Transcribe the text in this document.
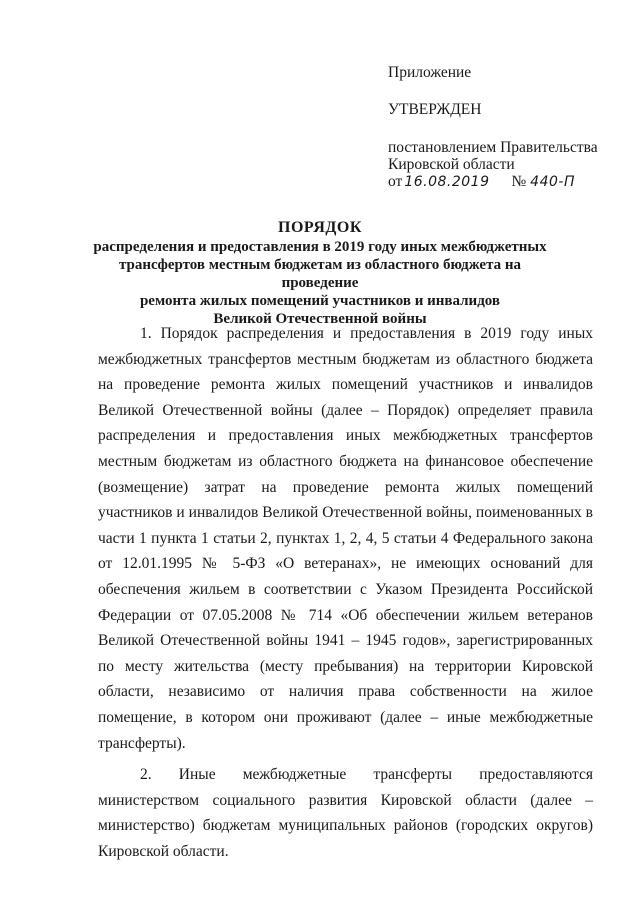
Приложение
УТВЕРЖДЕН
постановлением Правительства
Кировской области
от 16.08.2019 № 440-П
ПОРЯДОК
распределения и предоставления в 2019 году иных межбюджетных
трансфертов местным бюджетам из областного бюджета на проведение
ремонта жилых помещений участников и инвалидов
Великой Отечественной войны

1. Порядок распределения и предоставления в 2019 году иных межбюджетных трансфертов местным бюджетам из областного бюджета на проведение ремонта жилых помещений участников и инвалидов Великой Отечественной войны (далее – Порядок) определяет правила распределения и предоставления иных межбюджетных трансфертов местным бюджетам из областного бюджета на финансовое обеспечение (возмещение) затрат на проведение ремонта жилых помещений участников и инвалидов Великой Отечественной войны, поименованных в части 1 пункта 1 статьи 2, пунктах 1, 2, 4, 5 статьи 4 Федерального закона от 12.01.1995 № 5-ФЗ «О ветеранах», не имеющих оснований для обеспечения жильем в соответствии с Указом Президента Российской Федерации от 07.05.2008 № 714 «Об обеспечении жильем ветеранов Великой Отечественной войны 1941 – 1945 годов», зарегистрированных по месту жительства (месту пребывания) на территории Кировской области, независимо от наличия права собственности на жилое помещение, в котором они проживают (далее – иные межбюджетные трансферты).

2. Иные межбюджетные трансферты предоставляются министерством социального развития Кировской области (далее – министерство) бюджетам муниципальных районов (городских округов) Кировской области.
